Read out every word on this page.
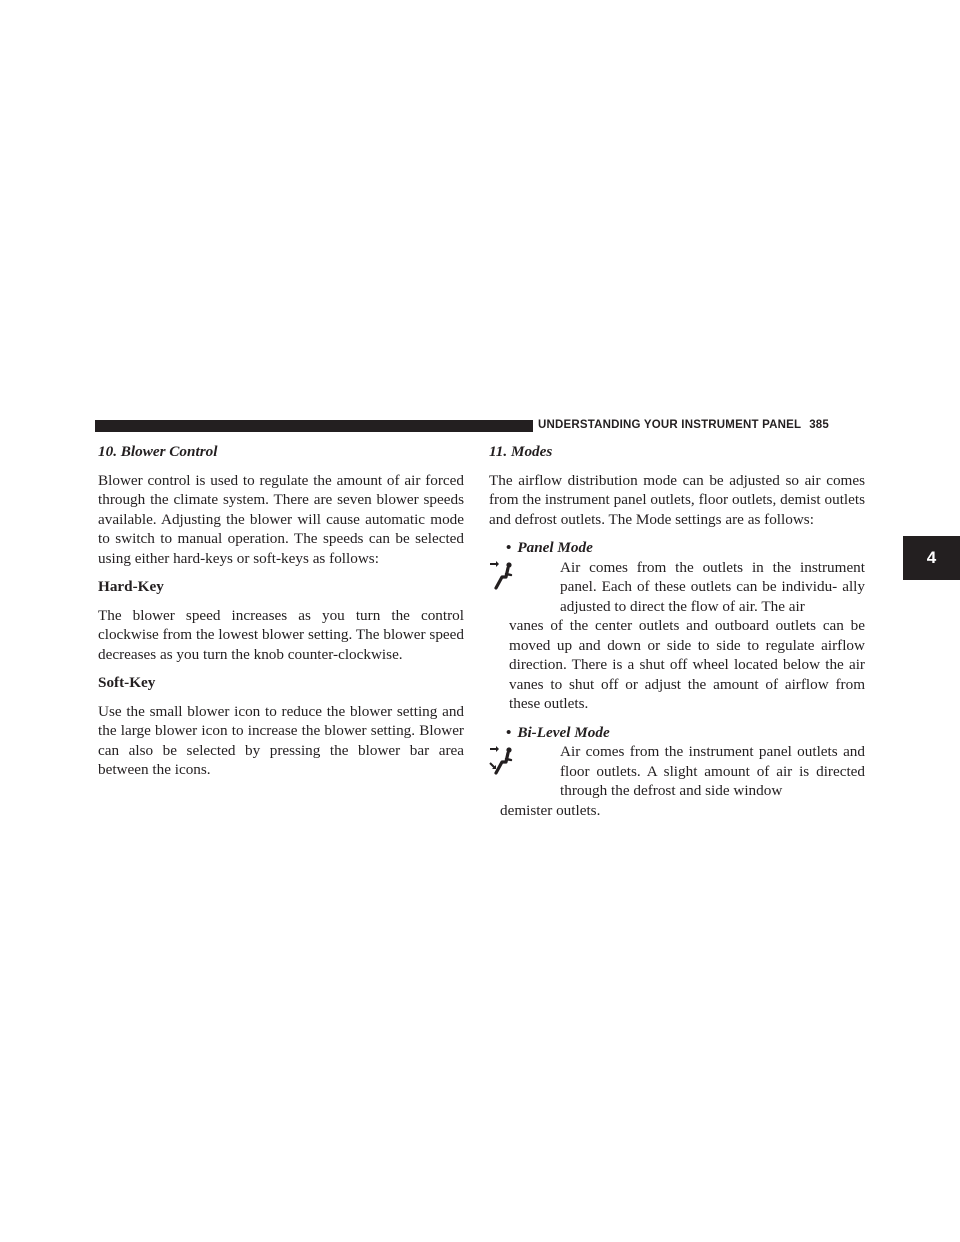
UNDERSTANDING YOUR INSTRUMENT PANEL 385
4
10. Blower Control

Blower control is used to regulate the amount of air forced through the climate system. There are seven blower speeds available. Adjusting the blower will cause automatic mode to switch to manual operation. The speeds can be selected using either hard-keys or soft-keys as follows:

Hard-Key

The blower speed increases as you turn the control clockwise from the lowest blower setting. The blower speed decreases as you turn the knob counter-clockwise.

Soft-Key

Use the small blower icon to reduce the blower setting and the large blower icon to increase the blower setting. Blower can also be selected by pressing the blower bar area between the icons.

11. Modes

The airflow distribution mode can be adjusted so air comes from the instrument panel outlets, floor outlets, demist outlets and defrost outlets. The Mode settings are as follows:

• Panel Mode

Air comes from the outlets in the instrument panel. Each of these outlets can be individu- ally adjusted to direct the flow of air. The air

vanes of the center outlets and outboard outlets can be moved up and down or side to side to regulate airflow direction. There is a shut off wheel located below the air vanes to shut off or adjust the amount of airflow from these outlets.

• Bi-Level Mode

Air comes from the instrument panel outlets and floor outlets. A slight amount of air is directed through the defrost and side window

demister outlets.
